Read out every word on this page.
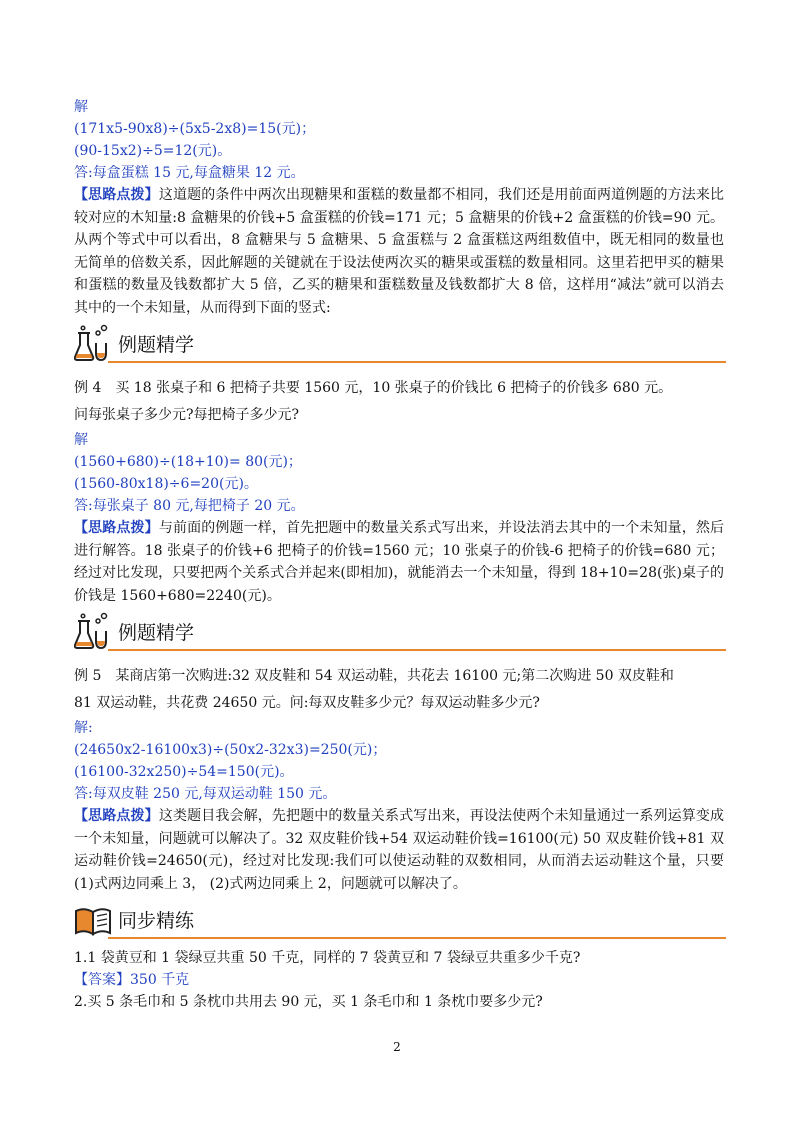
解
(171x5-90x8)÷(5x5-2x8)=15(元)；
(90-15x2)÷5=12(元)。
答:每盒蛋糕 15 元,每盒糖果 12 元。
【思路点拨】这道题的条件中两次出现糖果和蛋糕的数量都不相同，我们还是用前面两道例题的方法来比较对应的木知量:8 盒糖果的价钱+5 盒蛋糕的价钱=171 元；5 盒糖果的价钱+2 盒蛋糕的价钱=90 元。从两个等式中可以看出，8 盒糖果与 5 盒糖果、5 盒蛋糕与 2 盒蛋糕这两组数值中，既无相同的数量也无简单的倍数关系，因此解题的关键就在于设法使两次买的糖果或蛋糕的数量相同。这里若把甲买的糖果和蛋糕的数量及钱数都扩大 5 倍，乙买的糖果和蛋糕数量及钱数都扩大 8 倍，这样用“减法”就可以消去其中的一个未知量，从而得到下面的竖式:
例题精学
例 4　买 18 张桌子和 6 把椅子共要 1560 元，10 张桌子的价钱比 6 把椅子的价钱多 680 元。
问每张桌子多少元?每把椅子多少元?
解
(1560+680)÷(18+10)= 80(元)；
(1560-80x18)÷6=20(元)。
答:每张桌子 80 元,每把椅子 20 元。
【思路点拨】与前面的例题一样，首先把题中的数量关系式写出来，并设法消去其中的一个未知量，然后进行解答。18 张桌子的价钱+6 把椅子的价钱=1560 元；10 张桌子的价钱-6 把椅子的价钱=680 元；经过对比发现，只要把两个关系式合并起来(即相加)，就能消去一个未知量，得到 18+10=28(张)桌子的价钱是 1560+680=2240(元)。
例题精学
例 5　某商店第一次购进:32 双皮鞋和 54 双运动鞋，共花去 16100 元;第二次购进 50 双皮鞋和
81 双运动鞋，共花费 24650 元。问:每双皮鞋多少元？每双运动鞋多少元?
解:
(24650x2-16100x3)÷(50x2-32x3)=250(元)；
(16100-32x250)÷54=150(元)。
答:每双皮鞋 250 元,每双运动鞋 150 元。
【思路点拨】这类题目我会解，先把题中的数量关系式写出来，再设法使两个未知量通过一系列运算变成一个未知量，问题就可以解决了。32 双皮鞋价钱+54 双运动鞋价钱=16100(元) 50 双皮鞋价钱+81 双运动鞋价钱=24650(元)，经过对比发现:我们可以使运动鞋的双数相同，从而消去运动鞋这个量，只要 (1)式两边同乘上 3， (2)式两边同乘上 2，问题就可以解决了。
同步精练
1.1 袋黄豆和 1 袋绿豆共重 50 千克，同样的 7 袋黄豆和 7 袋绿豆共重多少千克?
【答案】350 千克
2.买 5 条毛巾和 5 条枕巾共用去 90 元，买 1 条毛巾和 1 条枕巾要多少元?
2
